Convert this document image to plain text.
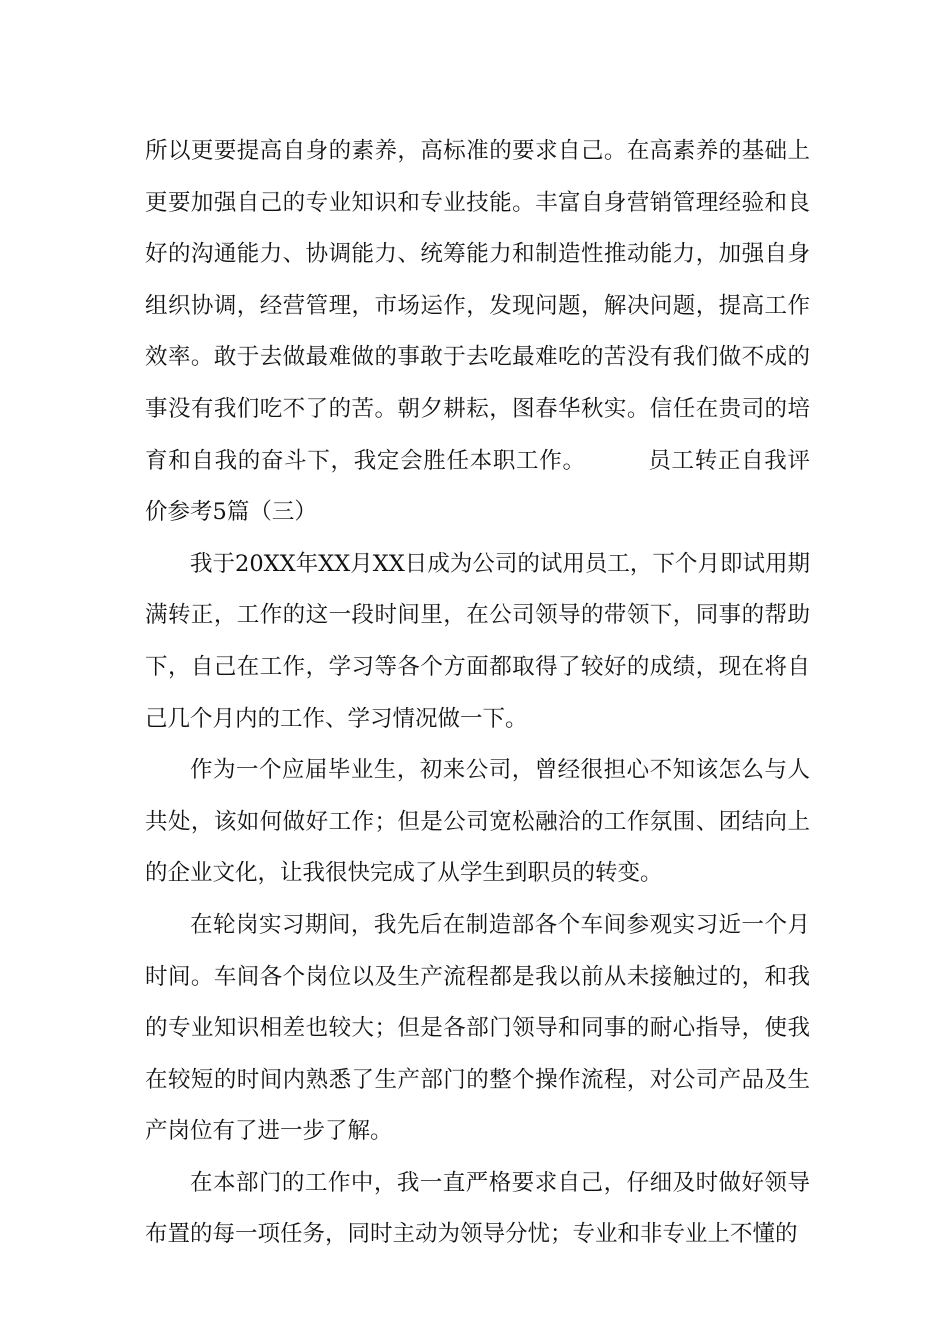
所以更要提高自身的素养，高标准的要求自己。在高素养的基础上更要加强自己的专业知识和专业技能。丰富自身营销管理经验和良好的沟通能力、协调能力、统筹能力和制造性推动能力，加强自身组织协调，经营管理，市场运作，发现问题，解决问题，提高工作效率。敢于去做最难做的事敢于去吃最难吃的苦没有我们做不成的事没有我们吃不了的苦。朝夕耕耘，图春华秋实。信任在贵司的培育和自我的奋斗下，我定会胜任本职工作。	员工转正自我评价参考5篇（三）

我于20XX年XX月XX日成为公司的试用员工，下个月即试用期满转正，工作的这一段时间里，在公司领导的带领下，同事的帮助下，自己在工作，学习等各个方面都取得了较好的成绩，现在将自己几个月内的工作、学习情况做一下。

作为一个应届毕业生，初来公司，曾经很担心不知该怎么与人共处，该如何做好工作；但是公司宽松融洽的工作氛围、团结向上的企业文化，让我很快完成了从学生到职员的转变。

在轮岗实习期间，我先后在制造部各个车间参观实习近一个月时间。车间各个岗位以及生产流程都是我以前从未接触过的，和我的专业知识相差也较大；但是各部门领导和同事的耐心指导，使我在较短的时间内熟悉了生产部门的整个操作流程，对公司产品及生产岗位有了进一步了解。

在本部门的工作中，我一直严格要求自己，仔细及时做好领导布置的每一项任务，同时主动为领导分忧；专业和非专业上不懂的
